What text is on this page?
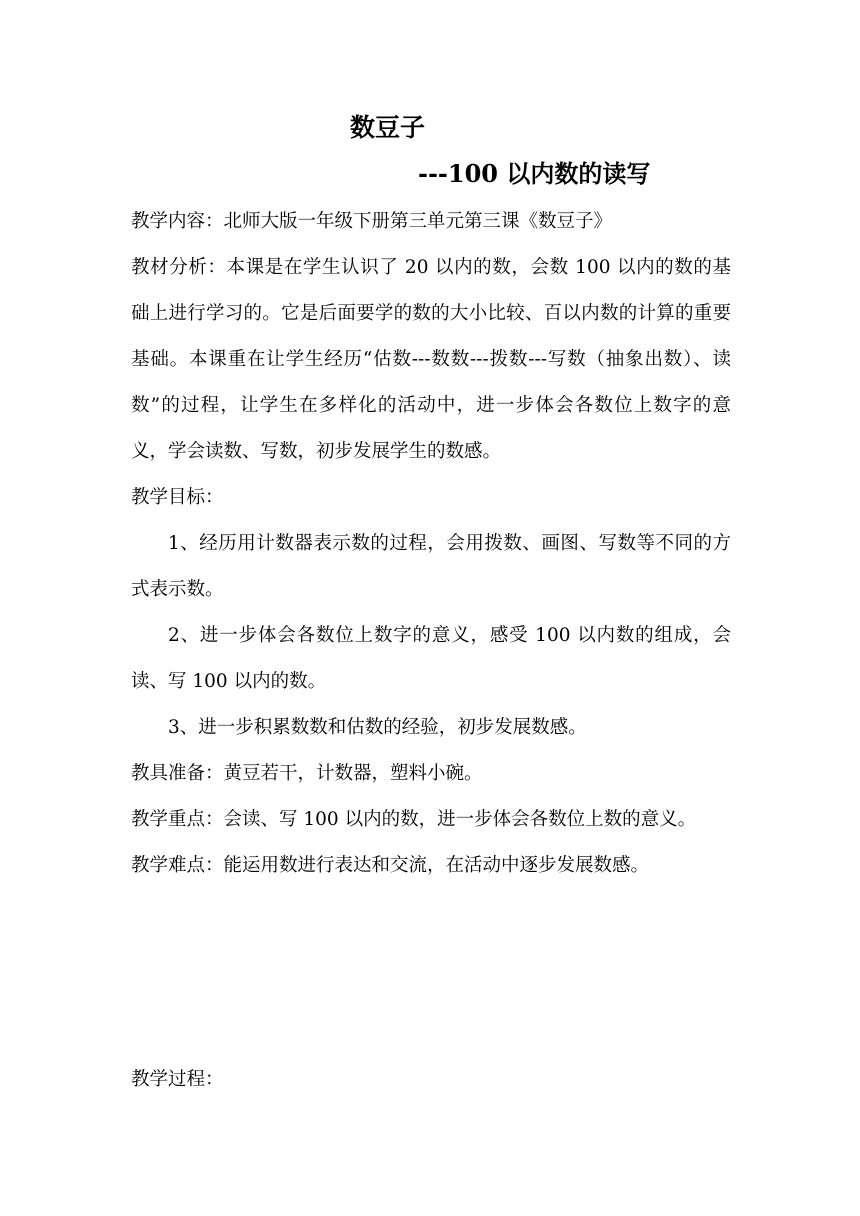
数豆子
---100 以内数的读写

教学内容：北师大版一年级下册第三单元第三课《数豆子》

教材分析：本课是在学生认识了 20 以内的数，会数 100 以内的数的基础上进行学习的。它是后面要学的数的大小比较、百以内数的计算的重要基础。本课重在让学生经历“估数---数数---拨数---写数（抽象出数）、读数”的过程，让学生在多样化的活动中，进一步体会各数位上数字的意义，学会读数、写数，初步发展学生的数感。

教学目标：

1、经历用计数器表示数的过程，会用拨数、画图、写数等不同的方式表示数。

2、进一步体会各数位上数字的意义，感受 100 以内数的组成，会读、写 100 以内的数。

3、进一步积累数数和估数的经验，初步发展数感。

教具准备：黄豆若干，计数器，塑料小碗。

教学重点：会读、写 100 以内的数，进一步体会各数位上数的意义。

教学难点：能运用数进行表达和交流，在活动中逐步发展数感。

教学过程：
